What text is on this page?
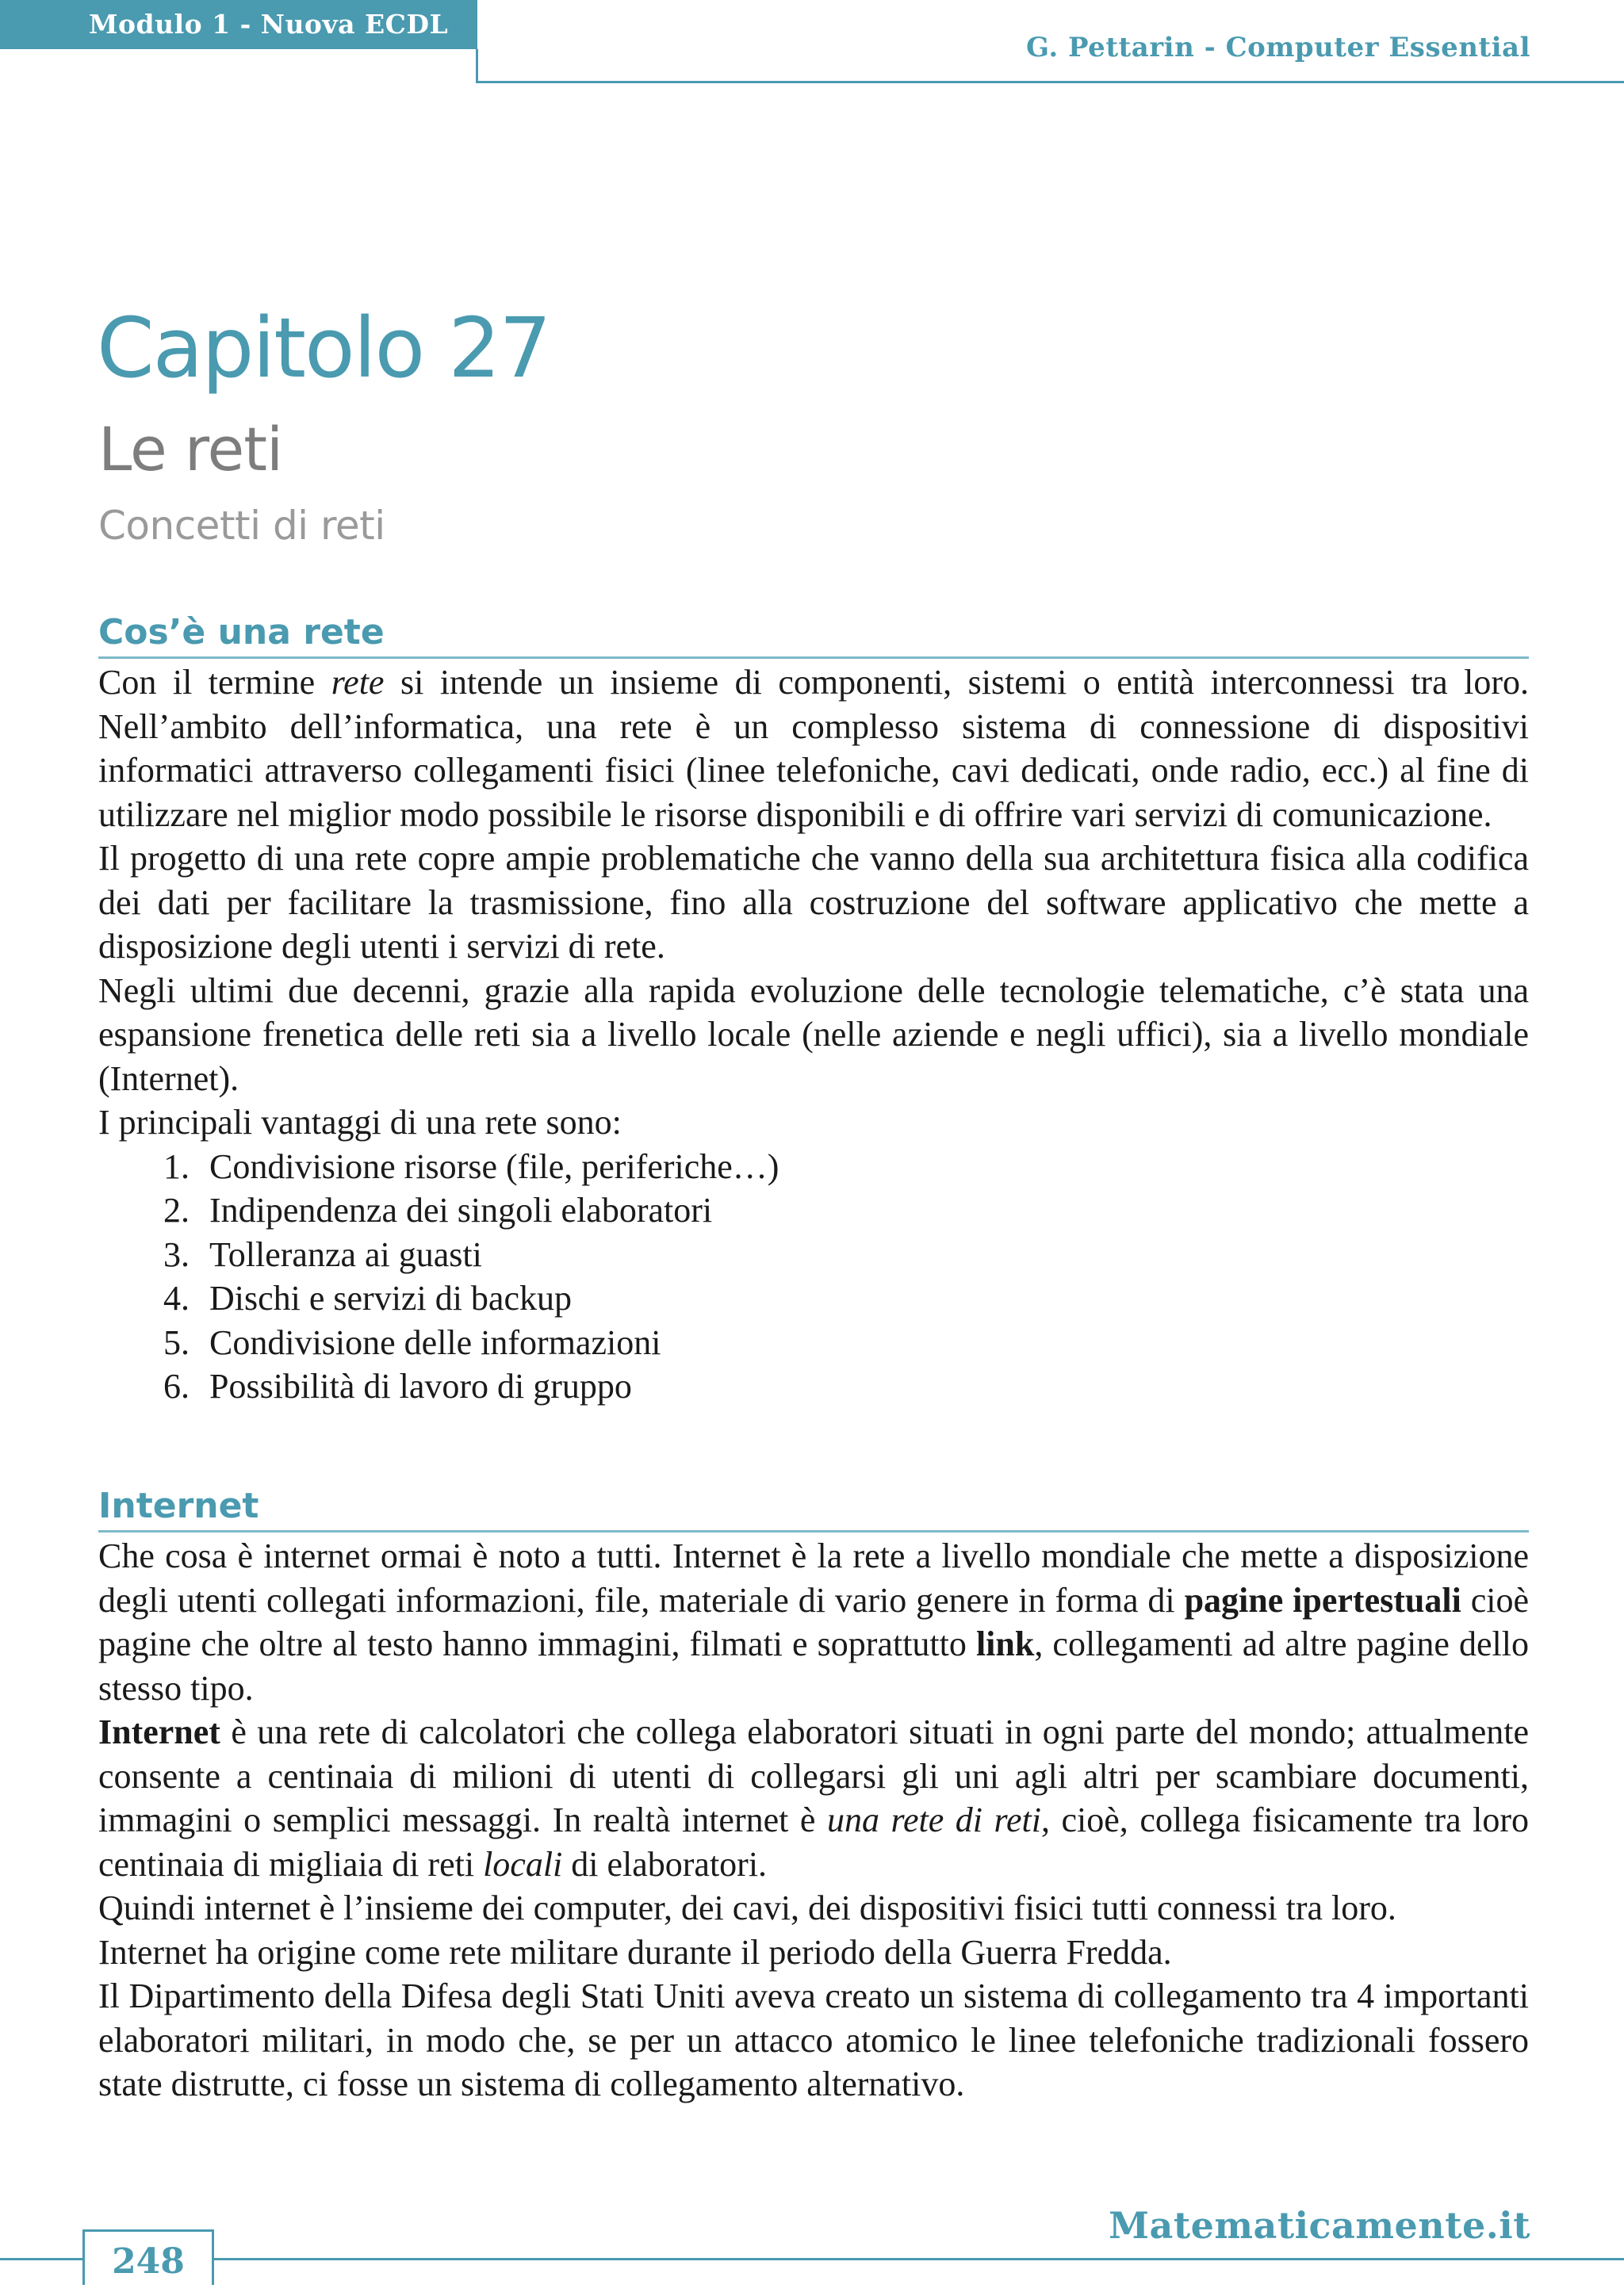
Modulo 1 - Nuova ECDL
G. Pettarin - Computer Essential
Capitolo 27
Le reti
Concetti di reti
Cos’è una rete

Con il termine rete si intende un insieme di componenti, sistemi o entità interconnessi tra loro. Nell’ambito dell’informatica, una rete è un complesso sistema di connessione di dispositivi informatici attraverso collegamenti fisici (linee telefoniche, cavi dedicati, onde radio, ecc.) al fine di utilizzare nel miglior modo possibile le risorse disponibili e di offrire vari servizi di comunicazione.

Il progetto di una rete copre ampie problematiche che vanno della sua architettura fisica alla codifica dei dati per facilitare la trasmissione, fino alla costruzione del software applicativo che mette a disposizione degli utenti i servizi di rete.

Negli ultimi due decenni, grazie alla rapida evoluzione delle tecnologie telematiche, c’è stata una espansione frenetica delle reti sia a livello locale (nelle aziende e negli uffici), sia a livello mondiale (Internet).

I principali vantaggi di una rete sono:

1. Condivisione risorse (file, periferiche…)
2. Indipendenza dei singoli elaboratori
3. Tolleranza ai guasti
4. Dischi e servizi di backup
5. Condivisione delle informazioni
6. Possibilità di lavoro di gruppo
Internet

Che cosa è internet ormai è noto a tutti. Internet è la rete a livello mondiale che mette a disposizione degli utenti collegati informazioni, file, materiale di vario genere in forma di pagine ipertestuali cioè pagine che oltre al testo hanno immagini, filmati e soprattutto link, collegamenti ad altre pagine dello stesso tipo.

Internet è una rete di calcolatori che collega elaboratori situati in ogni parte del mondo; attualmente consente a centinaia di milioni di utenti di collegarsi gli uni agli altri per scambiare documenti, immagini o semplici messaggi. In realtà internet è una rete di reti, cioè, collega fisicamente tra loro centinaia di migliaia di reti locali di elaboratori.

Quindi internet è l’insieme dei computer, dei cavi, dei dispositivi fisici tutti connessi tra loro.

Internet ha origine come rete militare durante il periodo della Guerra Fredda.

Il Dipartimento della Difesa degli Stati Uniti aveva creato un sistema di collegamento tra 4 importanti elaboratori militari, in modo che, se per un attacco atomico le linee telefoniche tradizionali fossero state distrutte, ci fosse un sistema di collegamento alternativo.

Matematicamente.it
248
